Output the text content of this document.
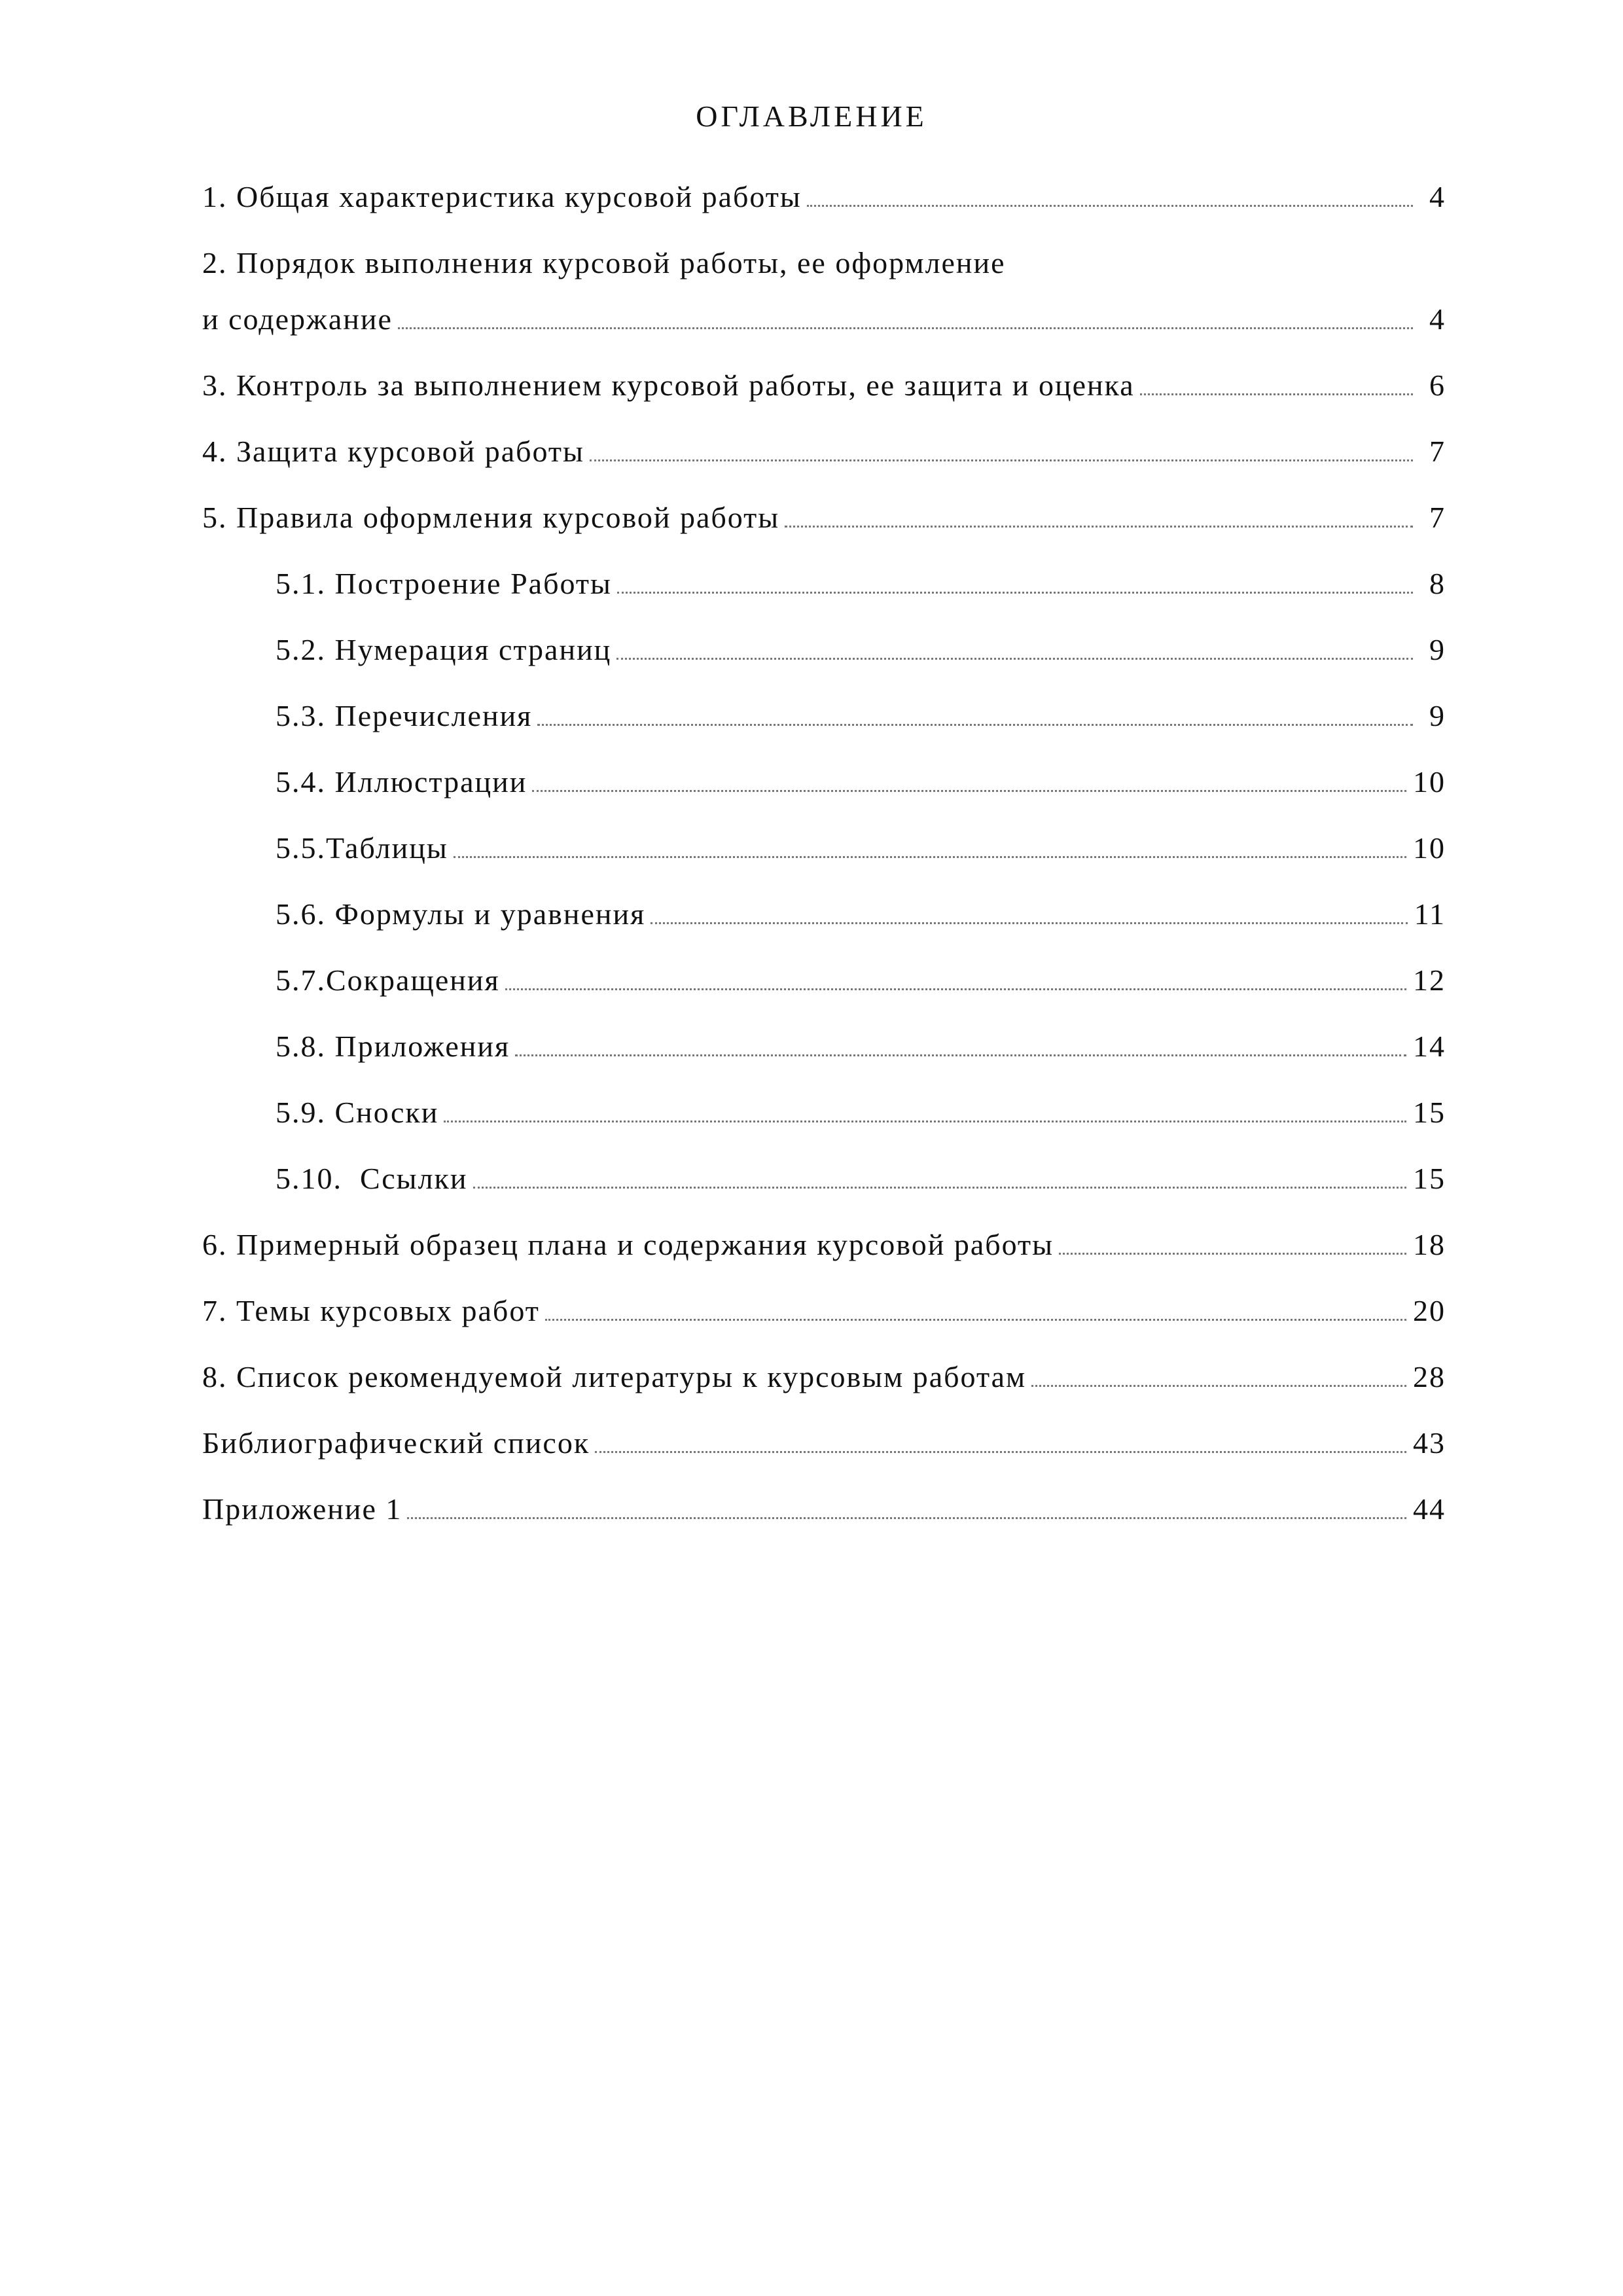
ОГЛАВЛЕНИЕ
1. Общая характеристика курсовой работы	4
2. Порядок выполнения курсовой работы, ее оформление
и содержание	4
3. Контроль за выполнением курсовой работы, ее защита и оценка	6
4. Защита курсовой работы	7
5. Правила оформления курсовой работы	7
5.1. Построение Работы	8
5.2. Нумерация страниц	9
5.3. Перечисления	9
5.4. Иллюстрации	10
5.5.Таблицы	10
5.6. Формулы и уравнения	11
5.7.Сокращения	12
5.8. Приложения	14
5.9. Сноски	15
5.10. Ссылки	15
6. Примерный образец плана и содержания курсовой работы	18
7. Темы курсовых работ	20
8. Список рекомендуемой литературы к курсовым работам	28
Библиографический список	43
Приложение 1	44
